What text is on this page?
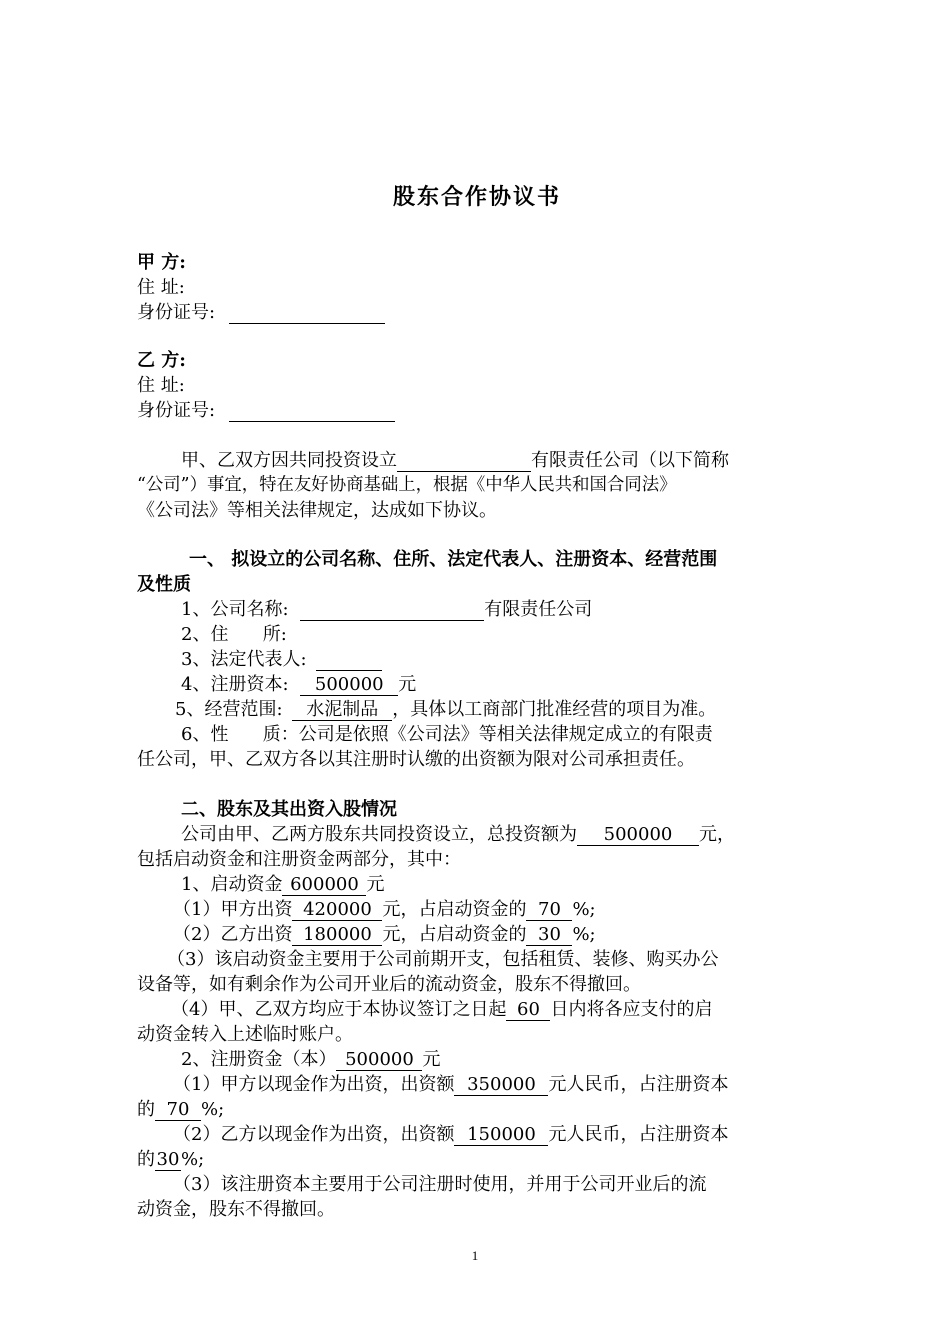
股东合作协议书
甲 方:
住 址:
身份证号:
乙 方:
住 址:
身份证号:
甲、乙双方因共同投资设立	有限责任公司（以下简称
“公司”）事宜，特在友好协商基础上，根据《中华人民共和国合同法》
《公司法》等相关法律规定，达成如下协议。
一、 拟设立的公司名称、住所、法定代表人、注册资本、经营范围
及性质
1、公司名称:	有限责任公司
2、住      所:
3、法定代表人:
4、注册资本: 500000 元
5、经营范围: 水泥制品 ，具体以工商部门批准经营的项目为准。
6、性      质：公司是依照《公司法》等相关法律规定成立的有限责
任公司，甲、乙双方各以其注册时认缴的出资额为限对公司承担责任。
二、股东及其出资入股情况
公司由甲、乙两方股东共同投资设立，总投资额为 500000 元，
包括启动资金和注册资金两部分，其中：
1、启动资金 600000 元
（1）甲方出资 420000 元，占启动资金的 70 %;
（2）乙方出资 180000 元，占启动资金的 30 %;
（3）该启动资金主要用于公司前期开支，包括租赁、装修、购买办公
设备等，如有剩余作为公司开业后的流动资金，股东不得撤回。
（4）甲、乙双方均应于本协议签订之日起 60 日内将各应支付的启
动资金转入上述临时账户。
2、注册资金（本） 500000 元
（1）甲方以现金作为出资，出资额 350000 元人民币，占注册资本
的 70 %;
（2）乙方以现金作为出资，出资额 150000 元人民币，占注册资本
的30%;
（3）该注册资本主要用于公司注册时使用，并用于公司开业后的流
动资金，股东不得撤回。
1
